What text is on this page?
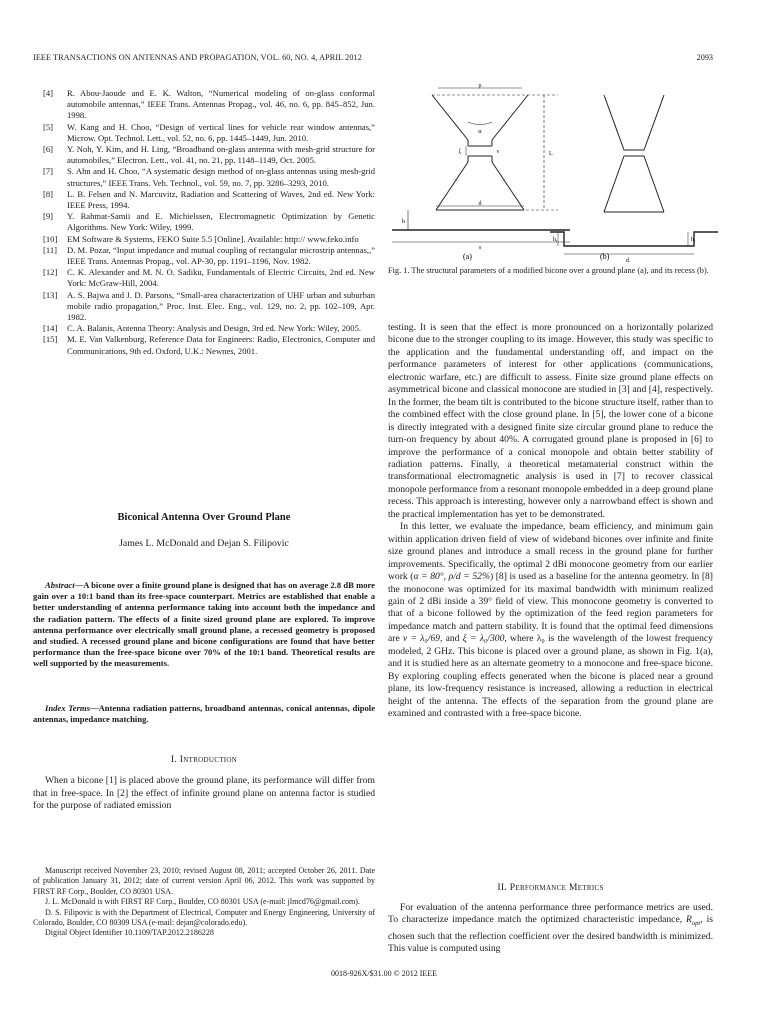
IEEE TRANSACTIONS ON ANTENNAS AND PROPAGATION, VOL. 60, NO. 4, APRIL 2012	2093
[4]	R. Abou-Jaoude and E. K. Walton, “Numerical modeling of on-glass conformal automobile antennas,” IEEE Trans. Antennas Propag., vol. 46, no. 6, pp. 845–852, Jun. 1998.
[5]	W. Kang and H. Choo, “Design of vertical lines for vehicle rear window antennas,” Microw. Opt. Technol. Lett., vol. 52, no. 6, pp. 1445–1449, Jun. 2010.
[6]	Y. Noh, Y. Kim, and H. Ling, “Broadband on-glass antenna with mesh-grid structure for automobiles,” Electron. Lett., vol. 41, no. 21, pp. 1148–1149, Oct. 2005.
[7]	S. Ahn and H. Choo, “A systematic design method of on-glass antennas using mesh-grid structures,” IEEE Trans. Veh. Technol., vol. 59, no. 7, pp. 3286–3293, 2010.
[8]	L. B. Felsen and N. Marcuvitz, Radiation and Scattering of Waves, 2nd ed. New York: IEEE Press, 1994.
[9]	Y. Rahmat-Samii and E. Michielssen, Electromagnetic Optimization by Genetic Algorithms. New York: Wiley, 1999.
[10]	EM Software & Systems, FEKO Suite 5.5 [Online]. Available: http:// www.feko.info
[11]	D. M. Pozar, “Input impedance and mutual coupling of rectangular microstrip antennas,,” IEEE Trans. Antennas Propag., vol. AP-30, pp. 1191–1196, Nov. 1982.
[12]	C. K. Alexander and M. N. O. Sadiku, Fundamentals of Electric Circuits, 2nd ed. New York: McGraw-Hill, 2004.
[13]	A. S. Bajwa and J. D. Parsons, “Small-area characterization of UHF urban and suburban mobile radio propagation,” Proc. Inst. Elec. Eng., vol. 129, no. 2, pp. 102–109, Apr. 1982.
[14]	C. A. Balanis, Antenna Theory: Analysis and Design, 3rd ed. New York: Wiley, 2005.
[15]	M. E. Van Valkenburg, Reference Data for Engineers: Radio, Electronics, Computer and Communications, 9th ed. Oxford, U.K.: Newnes, 2001.
Biconical Antenna Over Ground Plane
James L. McDonald and Dejan S. Filipovic
Abstract—A bicone over a finite ground plane is designed that has on average 2.8 dB more gain over a 10:1 band than its free-space counterpart. Metrics are established that enable a better understanding of antenna performance taking into account both the impedance and the radiation pattern. The effects of a finite sized ground plane are explored. To improve antenna performance over electrically small ground plane, a recessed geometry is proposed and studied. A recessed ground plane and bicone configurations are found that have better performance than the free-space bicone over 70% of the 10:1 band. Theoretical results are well supported by the measurements.
Index Terms—Antenna radiation patterns, broadband antennas, conical antennas, dipole antennas, impedance matching.
I. Introduction
When a bicone [1] is placed above the ground plane, its performance will differ from that in free-space. In [2] the effect of infinite ground plane on antenna factor is studied for the purpose of radiated emission

Manuscript received November 23, 2010; revised August 08, 2011; accepted October 26, 2011. Date of publication January 31, 2012; date of current version April 06, 2012. This work was supported by FIRST RF Corp., Boulder, CO 80301 USA.

J. L. McDonald is with FIRST RF Corp., Boulder, CO 80301 USA (e-mail: jlmcd76@gmail.com).

D. S. Filipovic is with the Department of Electrical, Computer and Energy Engineering, University of Colorado, Boulder, CO 80309 USA (e-mail: dejan@colorado.edu).

Digital Object Identifier 10.1109/TAP.2012.2186228

ρ
α
ξ	ν	L
d
h
s
$h_r$	$h_r$
$d_r$
(a)	(b)
Fig. 1. The structural parameters of a modified bicone over a ground plane (a), and its recess (b).

testing. It is seen that the effect is more pronounced on a horizontally polarized bicone due to the stronger coupling to its image. However, this study was specific to the application and the fundamental understanding off, and impact on the performance parameters of interest for other applications (communications, electronic warfare, etc.) are difficult to assess. Finite size ground plane effects on asymmetrical bicone and classical monocone are studied in [3] and [4], respectively. In the former, the beam tilt is contributed to the bicone structure itself, rather than to the combined effect with the close ground plane. In [5], the lower cone of a bicone is directly integrated with a designed finite size circular ground plane to reduce the turn-on frequency by about 40%. A corrugated ground plane is proposed in [6] to improve the performance of a conical monopole and obtain better stability of radiation patterns. Finally, a theoretical metamaterial construct within the transformational electromagnetic analysis is used in [7] to recover classical monopole performance from a resonant monopole embedded in a deep ground plane recess. This approach is interesting, however only a narrowband effect is shown and the practical implementation has yet to be demonstrated.

In this letter, we evaluate the impedance, beam efficiency, and minimum gain within application driven field of view of wideband bicones over infinite and finite size ground planes and introduce a small recess in the ground plane for further improvements. Specifically, the optimal 2 dBi monocone geometry from our earlier work (α = 80°, ρ/d = 52%) [8] is used as a baseline for the antenna geometry. In [8] the monocone was optimized for its maximal bandwidth with minimum realized gain of 2 dBi inside a 39° field of view. This monocone geometry is converted to that of a bicone followed by the optimization of the feed region parameters for impedance match and pattern stability. It is found that the optimal feed dimensions are ν = λ₀/69, and ξ = λ₀/300, where λ₀ is the wavelength of the lowest frequency modeled, 2 GHz. This bicone is placed over a ground plane, as shown in Fig. 1(a), and it is studied here as an alternate geometry to a monocone and free-space bicone. By exploring coupling effects generated when the bicone is placed near a ground plane, its low-frequency resistance is increased, allowing a reduction in electrical height of the antenna. The effects of the separation from the ground plane are examined and contrasted with a free-space bicone.

II. Performance Metrics
For evaluation of the antenna performance three performance metrics are used. To characterize impedance match the optimized characteristic impedance, $R_{opt}$, is chosen such that the reflection coefficient over the desired bandwidth is minimized. This value is computed using
0018-926X/$31.00 © 2012 IEEE
